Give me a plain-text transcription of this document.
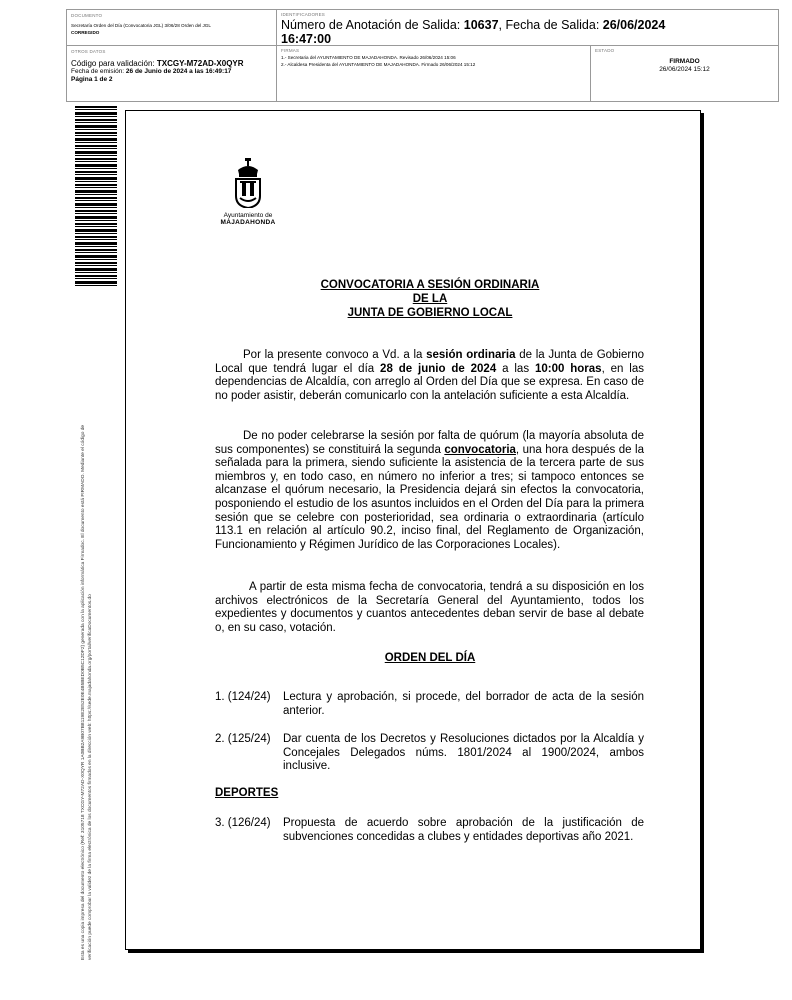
DOCUMENTO
Secretaría Orden del Día (Convocatoria JGL) 3/06/28 Orden del JGL
CORREGIDO
IDENTIFICADORES
Número de Anotación de Salida: 10637, Fecha de Salida: 26/06/2024
16:47:00
OTROS DATOS
Código para validación: TXCGY-M72AD-X0QYR
Fecha de emisión: 26 de Junio de 2024 a las 16:49:17
Página 1 de 2
FIRMAS
1.- Secretaria del AYUNTAMIENTO DE MAJADAHONDA. Revisado 26/06/2024 15:06
2.- Alcaldesa Presidenta del AYUNTAMIENTO DE MAJADAHONDA. Firmado 26/06/2024 15:12
ESTADO
FIRMADO
26/06/2024 15:12
Esta es una copia impresa del documento electrónico (Ref: 3105718 TXCGY-M72AD-X0QYR 1A0BB2A9B07B8119E2E52E0E4B5BED0B5C12DF2) generada con la aplicación informática Firmadoc. El documento está FIRMADO. Mediante el código de verificación puede comprobar la validez de la firma electrónica de los documentos firmados en la dirección web: https://sede.majadahonda.org/portal/verificaDocumentos.do
Ayuntamiento de
MAJADAHONDA
CONVOCATORIA A SESIÓN ORDINARIA
DE LA
JUNTA DE GOBIERNO LOCAL
Por la presente convoco a Vd. a la sesión ordinaria de la Junta de Gobierno Local que tendrá lugar el día 28 de junio de 2024 a las 10:00 horas, en las dependencias de Alcaldía, con arreglo al Orden del Día que se expresa. En caso de no poder asistir, deberán comunicarlo con la antelación suficiente a esta Alcaldía.
De no poder celebrarse la sesión por falta de quórum (la mayoría absoluta de sus componentes) se constituirá la segunda convocatoria, una hora después de la señalada para la primera, siendo suficiente la asistencia de la tercera parte de sus miembros y, en todo caso, en número no inferior a tres; si tampoco entonces se alcanzase el quórum necesario, la Presidencia dejará sin efectos la convocatoria, posponiendo el estudio de los asuntos incluidos en el Orden del Día para la primera sesión que se celebre con posterioridad, sea ordinaria o extraordinaria (artículo 113.1 en relación al artículo 90.2, inciso final, del Reglamento de Organización, Funcionamiento y Régimen Jurídico de las Corporaciones Locales).
A partir de esta misma fecha de convocatoria, tendrá a su disposición en los archivos electrónicos de la Secretaría General del Ayuntamiento, todos los expedientes y documentos y cuantos antecedentes deban servir de base al debate o, en su caso, votación.
ORDEN DEL DÍA
1. (124/24) Lectura y aprobación, si procede, del borrador de acta de la sesión anterior.
2. (125/24) Dar cuenta de los Decretos y Resoluciones dictados por la Alcaldía y Concejales Delegados núms. 1801/2024 al 1900/2024, ambos inclusive.
DEPORTES
3. (126/24) Propuesta de acuerdo sobre aprobación de la justificación de subvenciones concedidas a clubes y entidades deportivas año 2021.
